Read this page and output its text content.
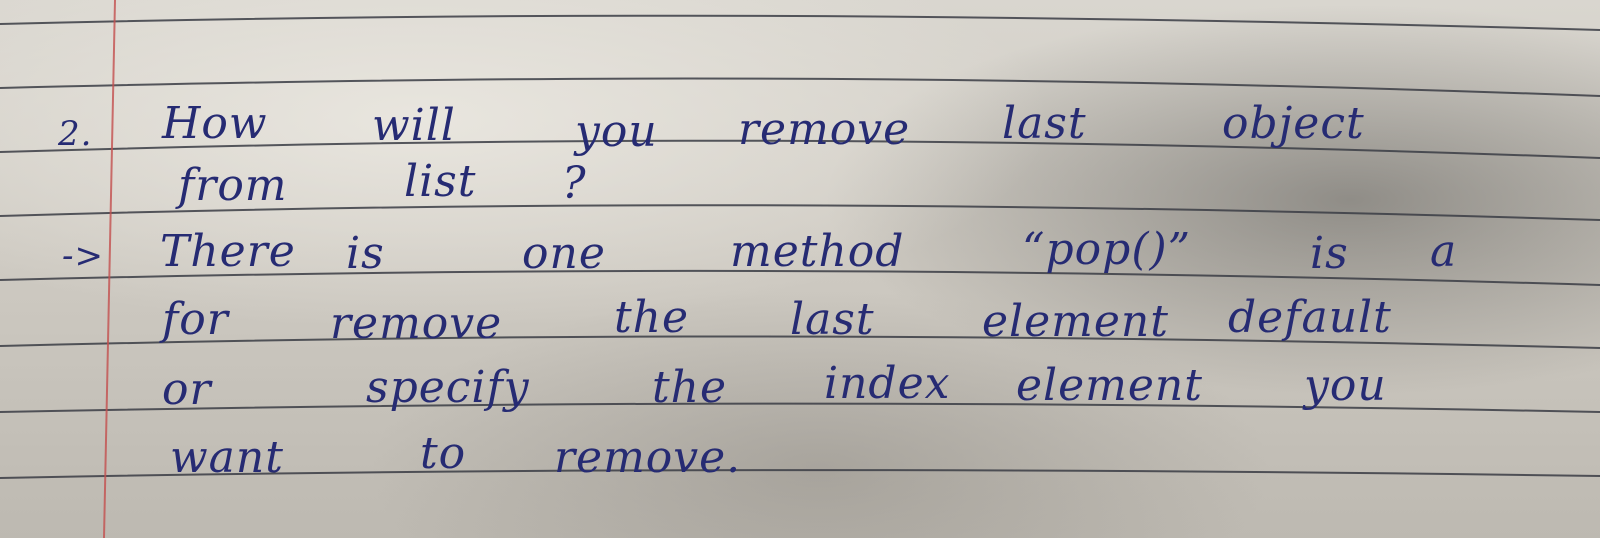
2. How will	you remove last	object
from	list ?
-> There is	one	method	“pop()”	is a
for remove	the last element default
or	specify	the index element you
want	to remove.
